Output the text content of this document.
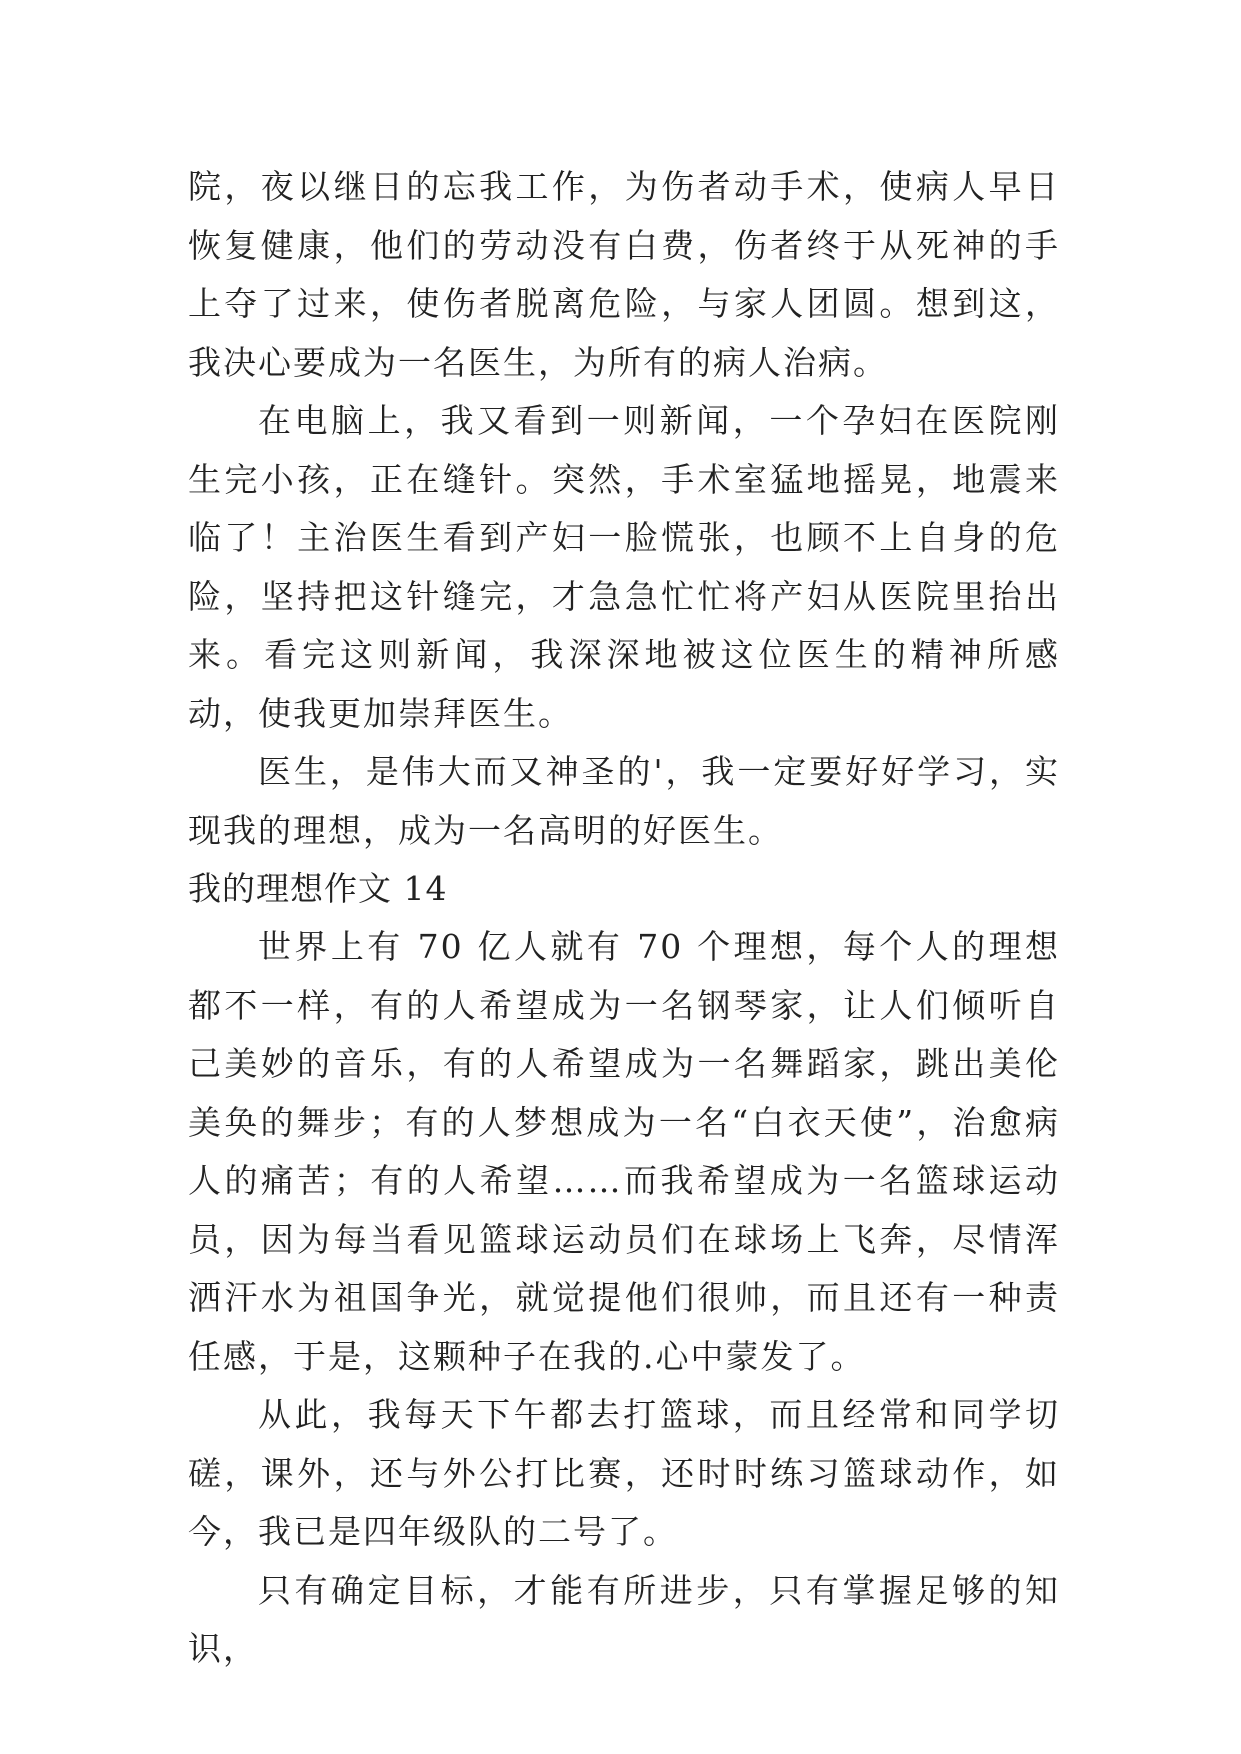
院，夜以继日的忘我工作，为伤者动手术，使病人早日恢复健康，他们的劳动没有白费，伤者终于从死神的手上夺了过来，使伤者脱离危险，与家人团圆。想到这，我决心要成为一名医生，为所有的病人治病。

在电脑上，我又看到一则新闻，一个孕妇在医院刚生完小孩，正在缝针。突然，手术室猛地摇晃，地震来临了！主治医生看到产妇一脸慌张，也顾不上自身的危险，坚持把这针缝完，才急急忙忙将产妇从医院里抬出来。看完这则新闻，我深深地被这位医生的精神所感动，使我更加崇拜医生。

医生，是伟大而又神圣的'，我一定要好好学习，实现我的理想，成为一名高明的好医生。

我的理想作文 14

世界上有 70 亿人就有 70 个理想，每个人的理想都不一样，有的人希望成为一名钢琴家，让人们倾听自己美妙的音乐，有的人希望成为一名舞蹈家，跳出美伦美奂的舞步；有的人梦想成为一名“白衣天使”，治愈病人的痛苦；有的人希望……而我希望成为一名篮球运动员，因为每当看见篮球运动员们在球场上飞奔，尽情浑洒汗水为祖国争光，就觉提他们很帅，而且还有一种责任感，于是，这颗种子在我的.心中蒙发了。

从此，我每天下午都去打篮球，而且经常和同学切磋，课外，还与外公打比赛，还时时练习篮球动作，如今，我已是四年级队的二号了。

只有确定目标，才能有所进步，只有掌握足够的知识，
